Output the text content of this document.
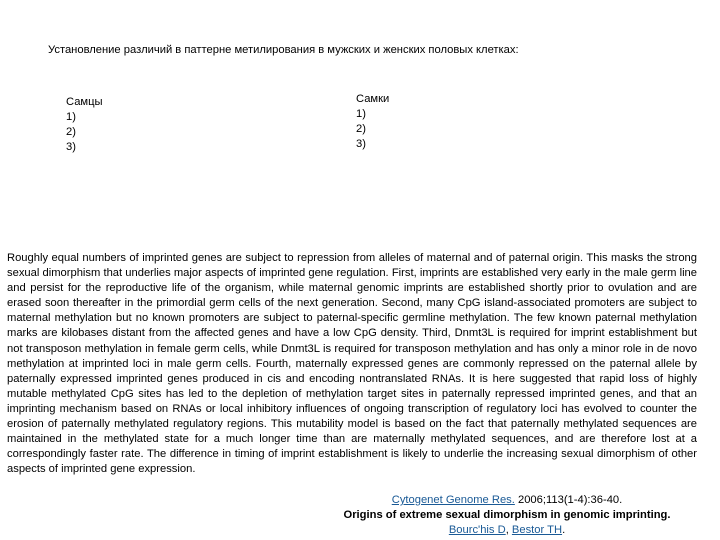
Установление различий в паттерне метилирования в мужских и женских половых клетках:
Самцы
1)
2)
3)
Самки
1)
2)
3)
Roughly equal numbers of imprinted genes are subject to repression from alleles of maternal and of paternal origin. This masks the strong sexual dimorphism that underlies major aspects of imprinted gene regulation. First, imprints are established very early in the male germ line and persist for the reproductive life of the organism, while maternal genomic imprints are established shortly prior to ovulation and are erased soon thereafter in the primordial germ cells of the next generation. Second, many CpG island-associated promoters are subject to maternal methylation but no known promoters are subject to paternal-specific germline methylation. The few known paternal methylation marks are kilobases distant from the affected genes and have a low CpG density. Third, Dnmt3L is required for imprint establishment but not transposon methylation in female germ cells, while Dnmt3L is required for transposon methylation and has only a minor role in de novo methylation at imprinted loci in male germ cells. Fourth, maternally expressed genes are commonly repressed on the paternal allele by paternally expressed imprinted genes produced in cis and encoding nontranslated RNAs. It is here suggested that rapid loss of highly mutable methylated CpG sites has led to the depletion of methylation target sites in paternally repressed imprinted genes, and that an imprinting mechanism based on RNAs or local inhibitory influences of ongoing transcription of regulatory loci has evolved to counter the erosion of paternally methylated regulatory regions. This mutability model is based on the fact that paternally methylated sequences are maintained in the methylated state for a much longer time than are maternally methylated sequences, and are therefore lost at a correspondingly faster rate. The difference in timing of imprint establishment is likely to underlie the increasing sexual dimorphism of other aspects of imprinted gene expression.
Cytogenet Genome Res. 2006;113(1-4):36-40.
Origins of extreme sexual dimorphism in genomic imprinting.
Bourc'his D, Bestor TH.
